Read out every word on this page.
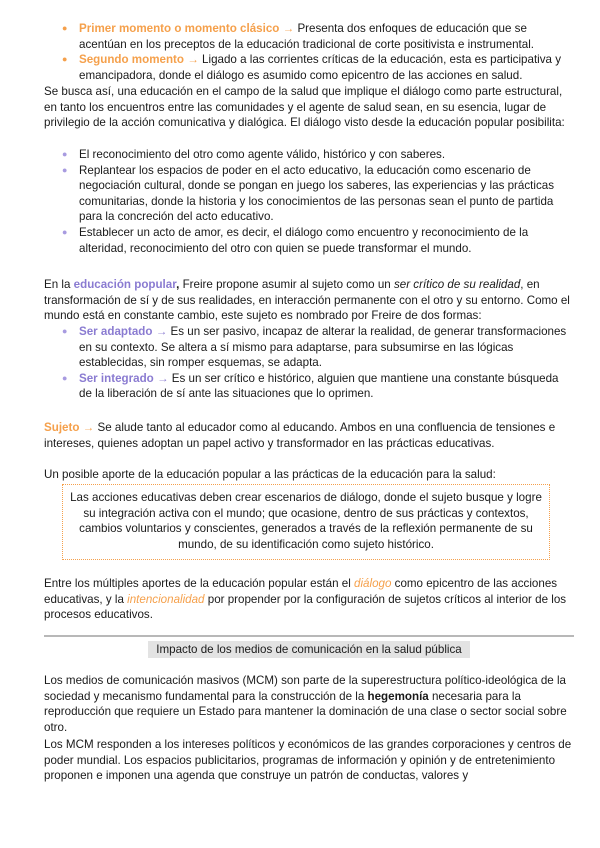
● Primer momento o momento clásico → Presenta dos enfoques de educación que se acentúan en los preceptos de la educación tradicional de corte positivista e instrumental.
● Segundo momento → Ligado a las corrientes críticas de la educación, esta es participativa y emancipadora, donde el diálogo es asumido como epicentro de las acciones en salud.

Se busca así, una educación en el campo de la salud que implique el diálogo como parte estructural, en tanto los encuentros entre las comunidades y el agente de salud sean, en su esencia, lugar de privilegio de la acción comunicativa y dialógica. El diálogo visto desde la educación popular posibilita:

● El reconocimiento del otro como agente válido, histórico y con saberes.
● Replantear los espacios de poder en el acto educativo, la educación como escenario de negociación cultural, donde se pongan en juego los saberes, las experiencias y las prácticas comunitarias, donde la historia y los conocimientos de las personas sean el punto de partida para la concreción del acto educativo.
● Establecer un acto de amor, es decir, el diálogo como encuentro y reconocimiento de la alteridad, reconocimiento del otro con quien se puede transformar el mundo.

En la educación popular, Freire propone asumir al sujeto como un ser crítico de su realidad, en transformación de sí y de sus realidades, en interacción permanente con el otro y su entorno. Como el mundo está en constante cambio, este sujeto es nombrado por Freire de dos formas:

● Ser adaptado → Es un ser pasivo, incapaz de alterar la realidad, de generar transformaciones en su contexto. Se altera a sí mismo para adaptarse, para subsumirse en las lógicas establecidas, sin romper esquemas, se adapta.
● Ser integrado → Es un ser crítico e histórico, alguien que mantiene una constante búsqueda de la liberación de sí ante las situaciones que lo oprimen.

Sujeto → Se alude tanto al educador como al educando. Ambos en una confluencia de tensiones e intereses, quienes adoptan un papel activo y transformador en las prácticas educativas.

Un posible aporte de la educación popular a las prácticas de la educación para la salud:

Las acciones educativas deben crear escenarios de diálogo, donde el sujeto busque y logre su integración activa con el mundo; que ocasione, dentro de sus prácticas y contextos, cambios voluntarios y conscientes, generados a través de la reflexión permanente de su mundo, de su identificación como sujeto histórico.

Entre los múltiples aportes de la educación popular están el diálogo como epicentro de las acciones educativas, y la intencionalidad por propender por la configuración de sujetos críticos al interior de los procesos educativos.

Impacto de los medios de comunicación en la salud pública

Los medios de comunicación masivos (MCM) son parte de la superestructura político-ideológica de la sociedad y mecanismo fundamental para la construcción de la hegemonía necesaria para la reproducción que requiere un Estado para mantener la dominación de una clase o sector social sobre otro.

Los MCM responden a los intereses políticos y económicos de las grandes corporaciones y centros de poder mundial. Los espacios publicitarios, programas de información y opinión y de entretenimiento proponen e imponen una agenda que construye un patrón de conductas, valores y
